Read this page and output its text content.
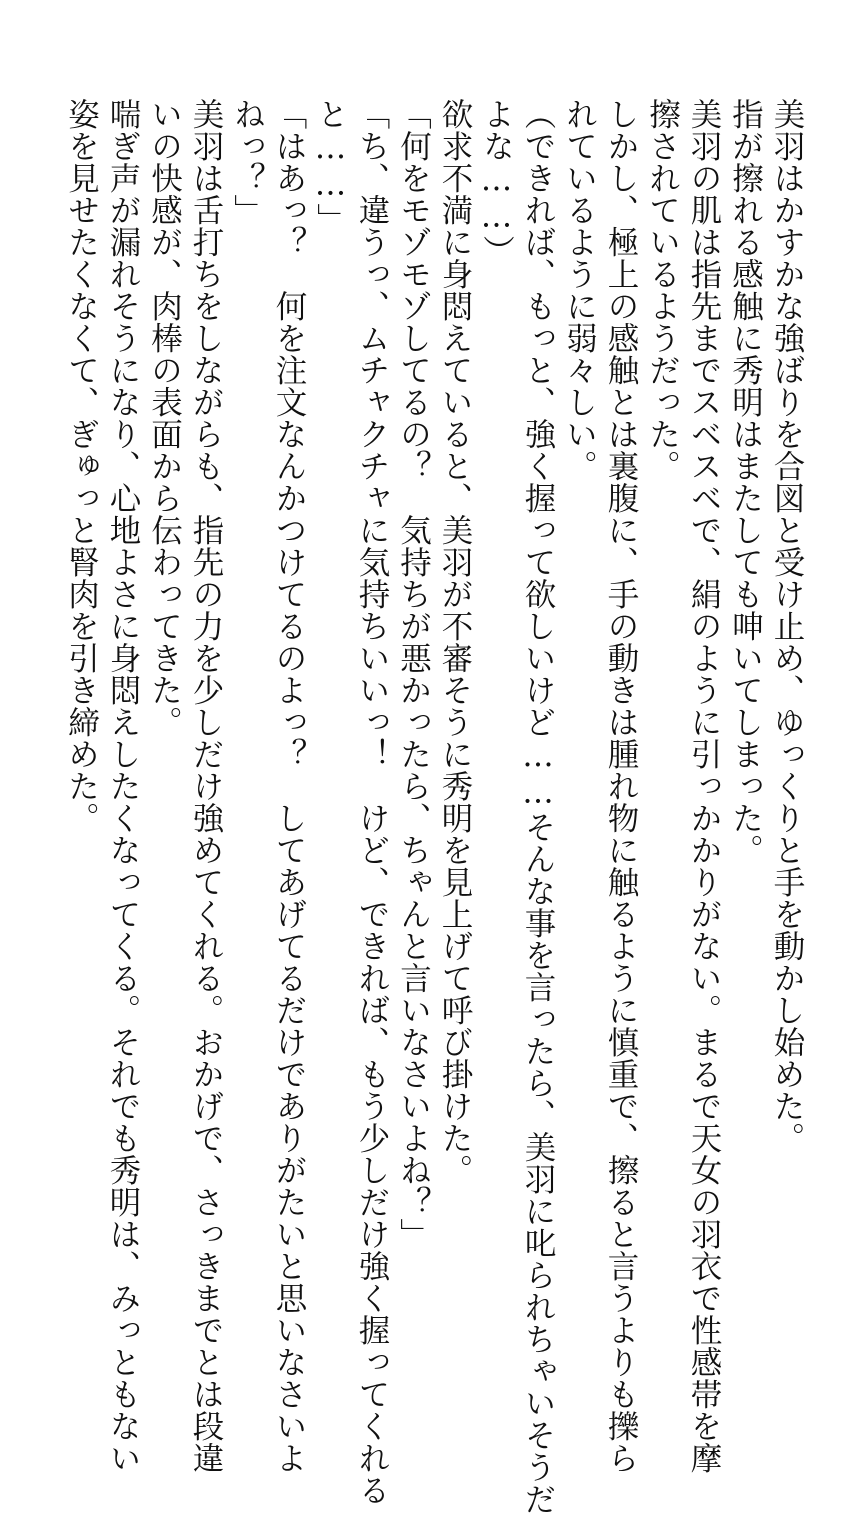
美羽はかすかな強ばりを合図と受け止め、ゆっくりと手を動かし始めた。
指が擦れる感触に秀明はまたしても呻いてしまった。
美羽の肌は指先までスベスベで、絹のように引っかかりがない。まるで天女の羽衣で性感帯を摩
擦されているようだった。
しかし、極上の感触とは裏腹に、手の動きは腫れ物に触るように慎重で、擦ると言うよりも擽ら
れているように弱々しい。
（できれば、もっと、強く握って欲しいけど……そんな事を言ったら、美羽に叱られちゃいそうだ
よな……）
欲求不満に身悶えていると、美羽が不審そうに秀明を見上げて呼び掛けた。
「何をモゾモゾしてるの？　気持ちが悪かったら、ちゃんと言いなさいよね？」
「ち、違うっ、ムチャクチャに気持ちいいっ！　けど、できれば、もう少しだけ強く握ってくれる
と……」
「はあっ？　何を注文なんかつけてるのよっ？　してあげてるだけでありがたいと思いなさいよ
ねっ？」
美羽は舌打ちをしながらも、指先の力を少しだけ強めてくれる。おかげで、さっきまでとは段違
いの快感が、肉棒の表面から伝わってきた。
喘ぎ声が漏れそうになり、心地よさに身悶えしたくなってくる。それでも秀明は、みっともない
姿を見せたくなくて、ぎゅっと腎肉を引き締めた。
